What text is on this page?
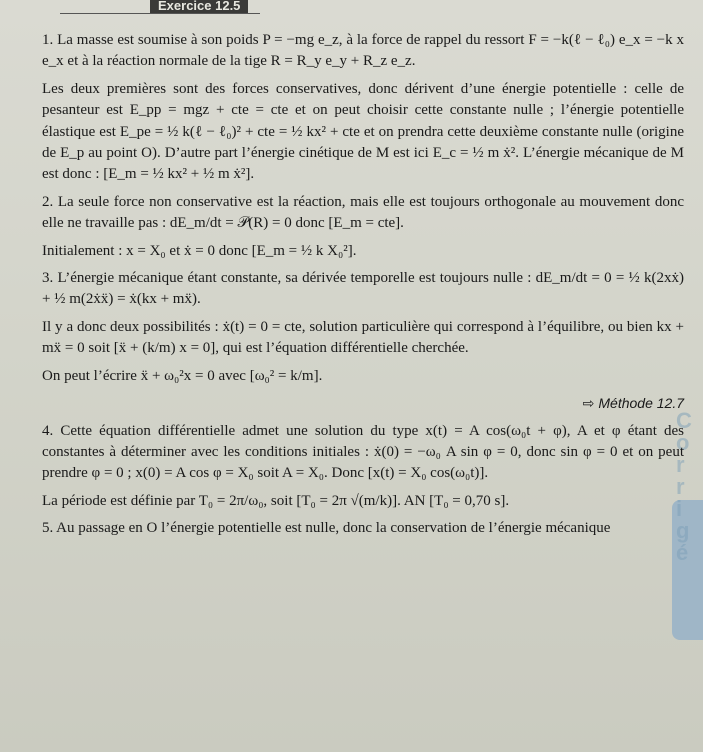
Exercice 12.5
C
o
r
r
i
g
é

1. La masse est soumise à son poids P = −mg e_z, à la force de rappel du ressort F = −k(ℓ − ℓ₀) e_x = −k x e_x et à la réaction normale de la tige R = R_y e_y + R_z e_z.

Les deux premières sont des forces conservatives, donc dérivent d’une énergie potentielle : celle de pesanteur est E_pp = mgz + cte = cte et on peut choisir cette constante nulle ; l’énergie potentielle élastique est E_pe = ½ k(ℓ − ℓ₀)² + cte = ½ kx² + cte et on prendra cette deuxième constante nulle (origine de E_p au point O). D’autre part l’énergie cinétique de M est ici E_c = ½ m ẋ². L’énergie mécanique de M est donc : [E_m = ½ kx² + ½ m ẋ²].

2. La seule force non conservative est la réaction, mais elle est toujours orthogonale au mouvement donc elle ne travaille pas : dE_m/dt = 𝒫(R) = 0 donc [E_m = cte].

Initialement : x = X₀ et ẋ = 0 donc [E_m = ½ k X₀²].

3. L’énergie mécanique étant constante, sa dérivée temporelle est toujours nulle : dE_m/dt = 0 = ½ k(2xẋ) + ½ m(2ẋẍ) = ẋ(kx + mẍ).

Il y a donc deux possibilités : ẋ(t) = 0 = cte, solution particulière qui correspond à l’équilibre, ou bien kx + mẍ = 0 soit [ẍ + (k/m) x = 0], qui est l’équation différentielle cherchée.

On peut l’écrire ẍ + ω₀²x = 0 avec [ω₀² = k/m].

⇨ Méthode 12.7

4. Cette équation différentielle admet une solution du type x(t) = A cos(ω₀t + φ), A et φ étant des constantes à déterminer avec les conditions initiales : ẋ(0) = −ω₀ A sin φ = 0, donc sin φ = 0 et on peut prendre φ = 0 ; x(0) = A cos φ = X₀ soit A = X₀. Donc [x(t) = X₀ cos(ω₀t)].

La période est définie par T₀ = 2π/ω₀, soit [T₀ = 2π √(m/k)]. AN [T₀ = 0,70 s].

5. Au passage en O l’énergie potentielle est nulle, donc la conservation de l’énergie mécanique
